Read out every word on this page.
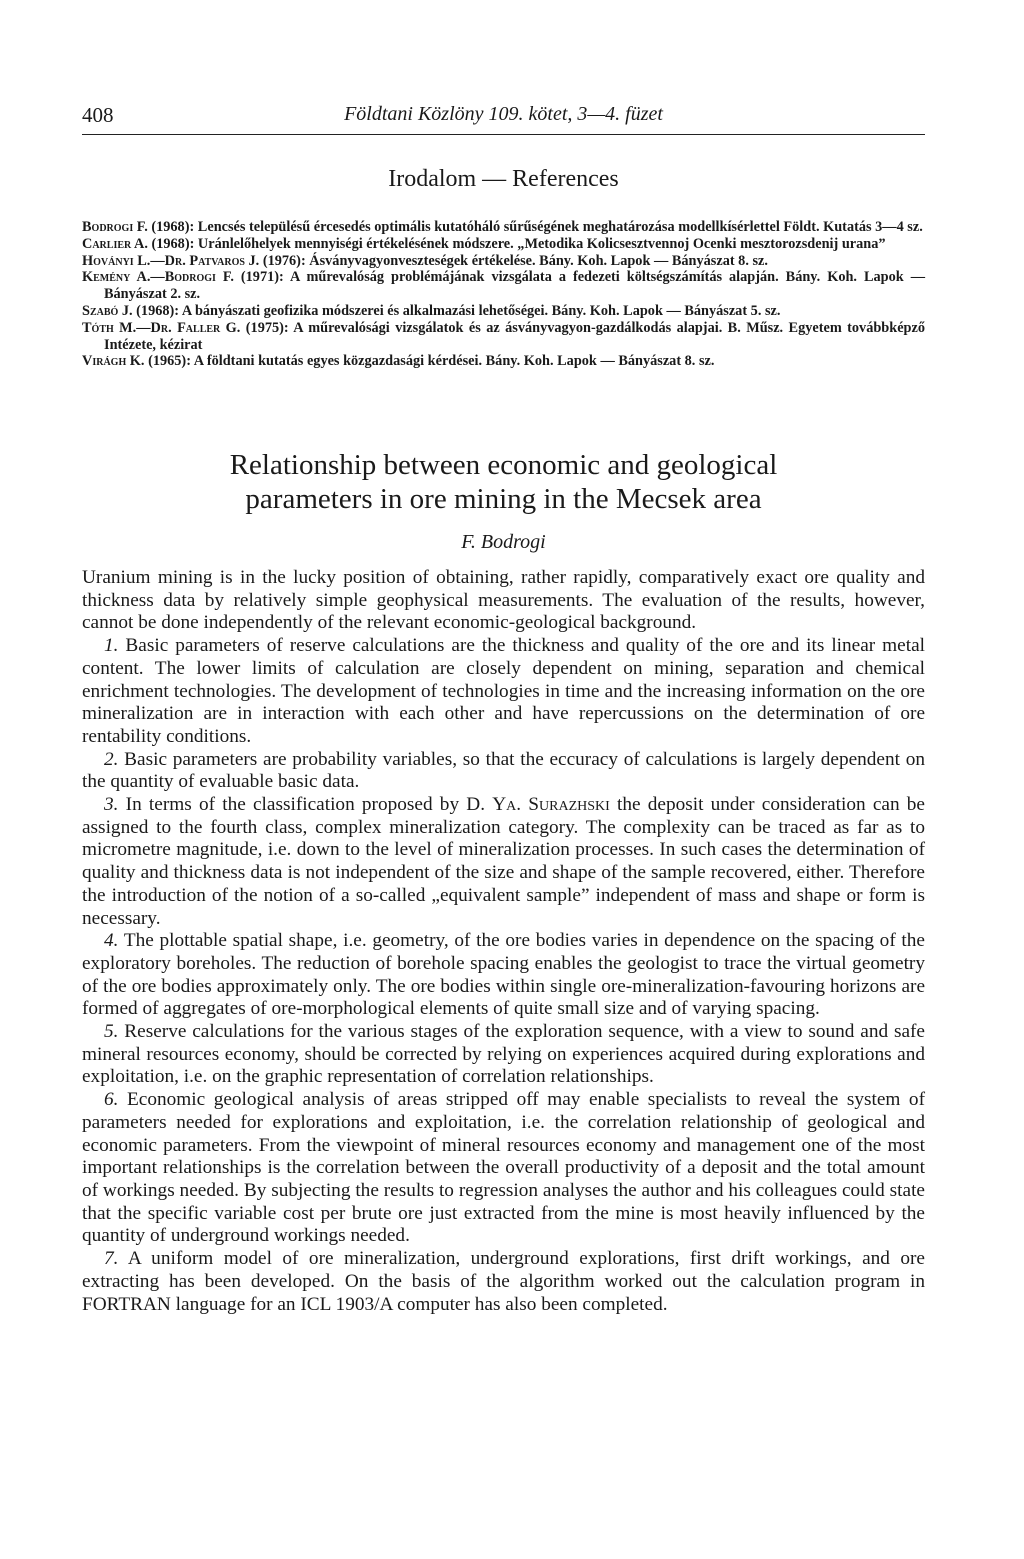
408	Földtani Közlöny 109. kötet, 3—4. füzet
Irodalom — References
Bodrogi F. (1968): Lencsés településű ércesedés optimális kutatóháló sűrűségének meghatározása modellkísérlettel Földt. Kutatás 3—4 sz.
Carlier A. (1968): Uránlelőhelyek mennyiségi értékelésének módszere. „Metodika Kolicsesztvennoj Ocenki mesztorozsdenij urana”
Hoványi L.—Dr. Patvaros J. (1976): Ásványvagyonveszteségek értékelése. Bány. Koh. Lapok — Bányászat 8. sz.
Kemény A.—Bodrogi F. (1971): A műrevalóság problémájának vizsgálata a fedezeti költségszámítás alapján. Bány. Koh. Lapok — Bányászat 2. sz.
Szabó J. (1968): A bányászati geofizika módszerei és alkalmazási lehetőségei. Bány. Koh. Lapok — Bányászat 5. sz.
Tóth M.—Dr. Faller G. (1975): A műrevalósági vizsgálatok és az ásványvagyon-gazdálkodás alapjai. B. Műsz. Egyetem továbbképző Intézete, kézirat
Virágh K. (1965): A földtani kutatás egyes közgazdasági kérdései. Bány. Koh. Lapok — Bányászat 8. sz.
Relationship between economic and geological
parameters in ore mining in the Mecsek area
F. Bodrogi

Uranium mining is in the lucky position of obtaining, rather rapidly, comparatively exact ore quality and thickness data by relatively simple geophysical measurements. The evaluation of the results, however, cannot be done independently of the relevant economic-geological background.

1. Basic parameters of reserve calculations are the thickness and quality of the ore and its linear metal content. The lower limits of calculation are closely dependent on mining, separation and chemical enrichment technologies. The development of technologies in time and the increasing information on the ore mineralization are in interaction with each other and have repercussions on the determination of ore rentability conditions.

2. Basic parameters are probability variables, so that the eccuracy of calculations is largely dependent on the quantity of evaluable basic data.

3. In terms of the classification proposed by D. Ya. Surazhski the deposit under consideration can be assigned to the fourth class, complex mineralization category. The complexity can be traced as far as to micrometre magnitude, i.e. down to the level of mineralization processes. In such cases the determination of quality and thickness data is not independent of the size and shape of the sample recovered, either. Therefore the introduction of the notion of a so-called „equivalent sample” independent of mass and shape or form is necessary.

4. The plottable spatial shape, i.e. geometry, of the ore bodies varies in dependence on the spacing of the exploratory boreholes. The reduction of borehole spacing enables the geologist to trace the virtual geometry of the ore bodies approximately only. The ore bodies within single ore-mineralization-favouring horizons are formed of aggregates of ore-morphological elements of quite small size and of varying spacing.

5. Reserve calculations for the various stages of the exploration sequence, with a view to sound and safe mineral resources economy, should be corrected by relying on experiences acquired during explorations and exploitation, i.e. on the graphic representation of correlation relationships.

6. Economic geological analysis of areas stripped off may enable specialists to reveal the system of parameters needed for explorations and exploitation, i.e. the correlation relationship of geological and economic parameters. From the viewpoint of mineral resources economy and management one of the most important relationships is the correlation between the overall productivity of a deposit and the total amount of workings needed. By subjecting the results to regression analyses the author and his colleagues could state that the specific variable cost per brute ore just extracted from the mine is most heavily influenced by the quantity of underground workings needed.

7. A uniform model of ore mineralization, underground explorations, first drift workings, and ore extracting has been developed. On the basis of the algorithm worked out the calculation program in FORTRAN language for an ICL 1903/A computer has also been completed.
